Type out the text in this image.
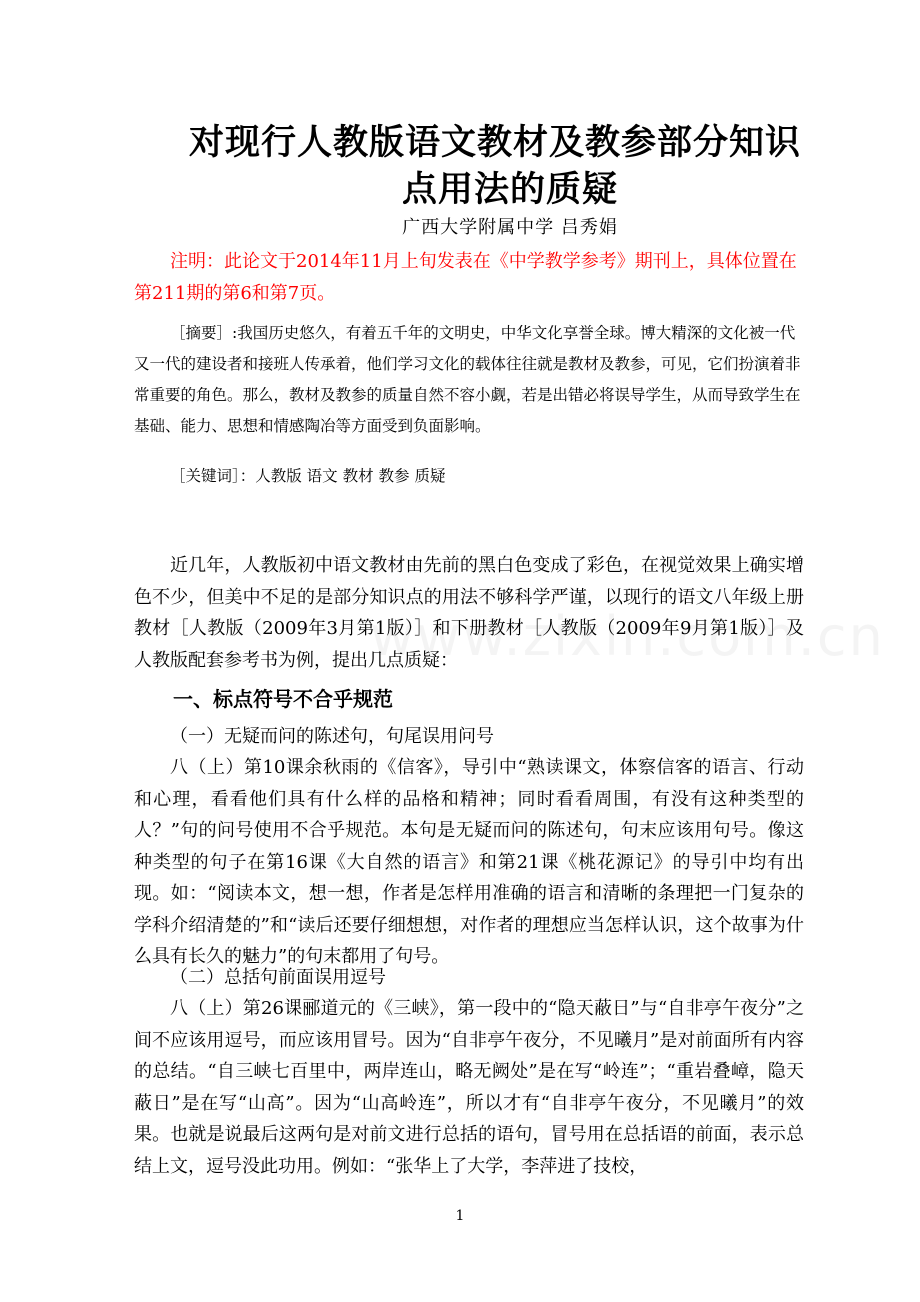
对现行人教版语文教材及教参部分知识
点用法的质疑
广西大学附属中学 吕秀娟

注明：此论文于2014年11月上旬发表在《中学教学参考》期刊上，具体位置在第211期的第6和第7页。

［摘要］:我国历史悠久，有着五千年的文明史，中华文化享誉全球。博大精深的文化被一代又一代的建设者和接班人传承着，他们学习文化的载体往往就是教材及教参，可见，它们扮演着非常重要的角色。那么，教材及教参的质量自然不容小觑，若是出错必将误导学生，从而导致学生在基础、能力、思想和情感陶冶等方面受到负面影响。

［关键词］：人教版 语文 教材 教参 质疑

近几年，人教版初中语文教材由先前的黑白色变成了彩色，在视觉效果上确实增色不少，但美中不足的是部分知识点的用法不够科学严谨，以现行的语文八年级上册教材［人教版（2009年3月第1版）］和下册教材［人教版（2009年9月第1版）］及人教版配套参考书为例，提出几点质疑：

一、标点符号不合乎规范
（一）无疑而问的陈述句，句尾误用问号

八（上）第10课余秋雨的《信客》，导引中“熟读课文，体察信客的语言、行动和心理，看看他们具有什么样的品格和精神；同时看看周围，有没有这种类型的人？”句的问号使用不合乎规范。本句是无疑而问的陈述句，句末应该用句号。像这种类型的句子在第16课《大自然的语言》和第21课《桃花源记》的导引中均有出现。如：“阅读本文，想一想，作者是怎样用准确的语言和清晰的条理把一门复杂的学科介绍清楚的”和“读后还要仔细想想，对作者的理想应当怎样认识，这个故事为什么具有长久的魅力”的句末都用了句号。

（二）总括句前面误用逗号

八（上）第26课郦道元的《三峡》，第一段中的“隐天蔽日”与“自非亭午夜分”之间不应该用逗号，而应该用冒号。因为“自非亭午夜分，不见曦月”是对前面所有内容的总结。“自三峡七百里中，两岸连山，略无阙处”是在写“岭连”；“重岩叠嶂，隐天蔽日”是在写“山高”。因为“山高岭连”，所以才有“自非亭午夜分，不见曦月”的效果。也就是说最后这两句是对前文进行总括的语句，冒号用在总括语的前面，表示总结上文，逗号没此功用。例如：“张华上了大学，李萍进了技校，

1
